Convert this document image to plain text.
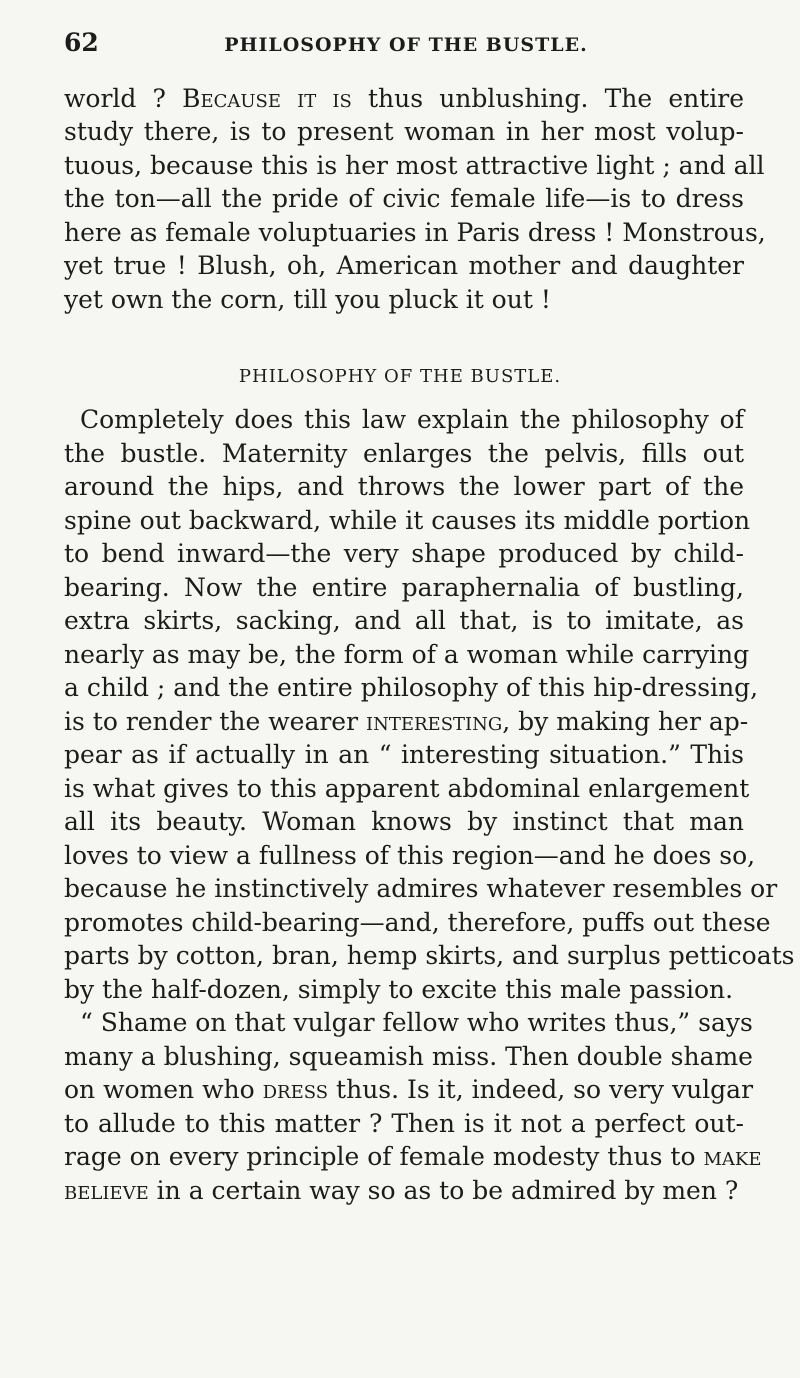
62	PHILOSOPHY OF THE BUSTLE.
world ? Because it is thus unblushing. The entire
study there, is to present woman in her most volup-
tuous, because this is her most attractive light ; and all
the ton—all the pride of civic female life—is to dress
here as female voluptuaries in Paris dress ! Monstrous,
yet true ! Blush, oh, American mother and daughter
yet own the corn, till you pluck it out !
PHILOSOPHY OF THE BUSTLE.
Completely does this law explain the philosophy of
the bustle. Maternity enlarges the pelvis, fills out
around the hips, and throws the lower part of the
spine out backward, while it causes its middle portion
to bend inward—the very shape produced by child-
bearing. Now the entire paraphernalia of bustling,
extra skirts, sacking, and all that, is to imitate, as
nearly as may be, the form of a woman while carrying
a child ; and the entire philosophy of this hip-dressing,
is to render the wearer interesting, by making her ap-
pear as if actually in an “ interesting situation.” This
is what gives to this apparent abdominal enlargement
all its beauty. Woman knows by instinct that man
loves to view a fullness of this region—and he does so,
because he instinctively admires whatever resembles or
promotes child-bearing—and, therefore, puffs out these
parts by cotton, bran, hemp skirts, and surplus petticoats
by the half-dozen, simply to excite this male passion.
“ Shame on that vulgar fellow who writes thus,” says
many a blushing, squeamish miss. Then double shame
on women who dress thus. Is it, indeed, so very vulgar
to allude to this matter ? Then is it not a perfect out-
rage on every principle of female modesty thus to make
believe in a certain way so as to be admired by men ?
